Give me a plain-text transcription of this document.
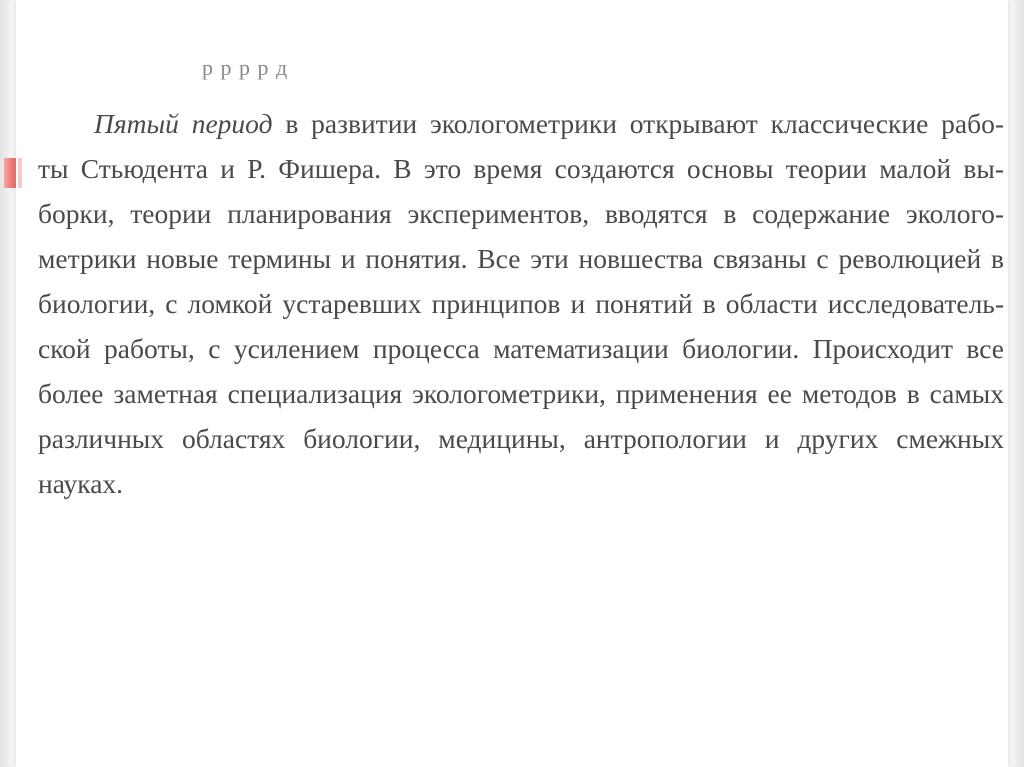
р р р р д
Пятый период в развитии экологометрики открывают классические рабо-
ты Стьюдента и Р. Фишера. В это время создаются основы теории малой вы-
борки, теории планирования экспериментов, вводятся в содержание эколого-
метрики новые термины и понятия. Все эти новшества связаны с революцией в
биологии, с ломкой устаревших принципов и понятий в области исследователь-
ской работы, с усилением процесса математизации биологии. Происходит все
более заметная специализация экологометрики, применения ее методов в самых
различных областях биологии, медицины, антропологии и других смежных
науках.
